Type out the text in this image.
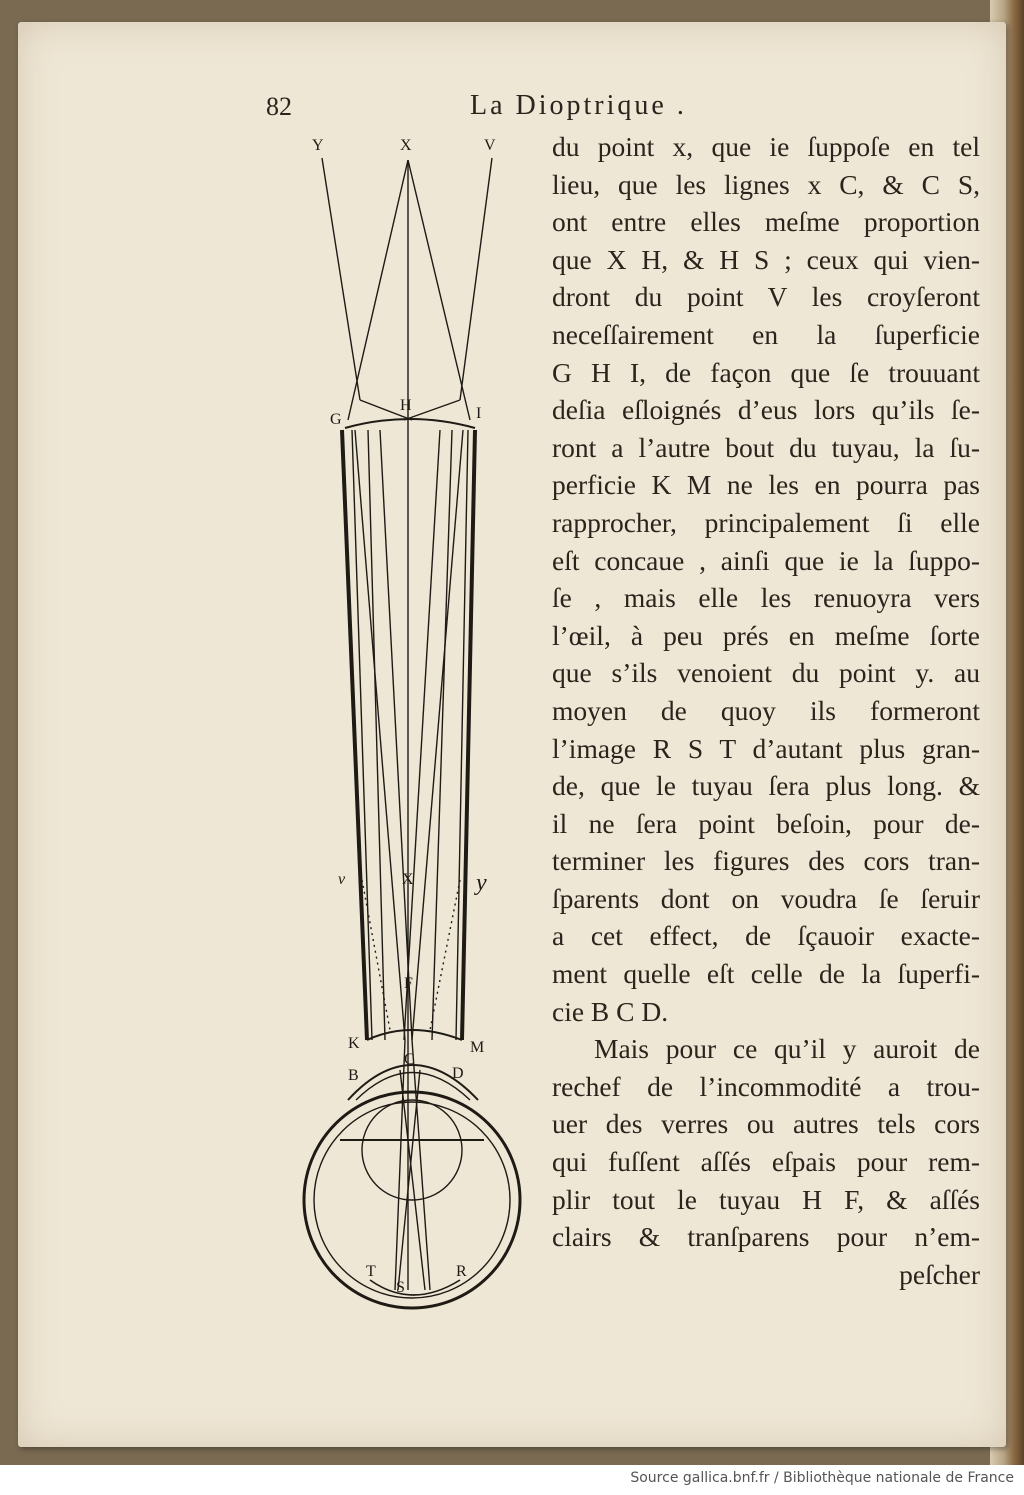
82	La Dioptrique .

Y	X	V
G
H	I
v	X	y
F
K	M
C
B	D
T
S
R
du point x, que ie ſuppoſe en tel
lieu, que les lignes x C, & C S,
ont entre elles meſme proportion
que X H, & H S ; ceux qui vien-
dront du point V les croyſeront
neceſſairement en la ſuperficie
G H I, de façon que ſe trouuant
deſia eſloignés d’eus lors qu’ils ſe-
ront a l’autre bout du tuyau, la ſu-
perficie K M ne les en pourra pas
rapprocher, principalement ſi elle
eſt concaue , ainſi que ie la ſuppo-
ſe , mais elle les renuoyra vers
l’œil, à peu prés en meſme ſorte
que s’ils venoient du point y. au
moyen de quoy ils formeront
l’image R S T d’autant plus gran-
de, que le tuyau ſera plus long. &
il ne ſera point beſoin, pour de-
terminer les figures des cors tran-
ſparents dont on voudra ſe ſeruir
a cet effect, de ſçauoir exacte-
ment quelle eſt celle de la ſuperfi-
cie B C D.
Mais pour ce qu’il y auroit de
rechef de l’incommodité a trou-
uer des verres ou autres tels cors
qui fuſſent aſſés eſpais pour rem-
plir tout le tuyau H F, & aſſés
clairs & tranſparens pour n’em-
peſcher
Source gallica.bnf.fr / Bibliothèque nationale de France
